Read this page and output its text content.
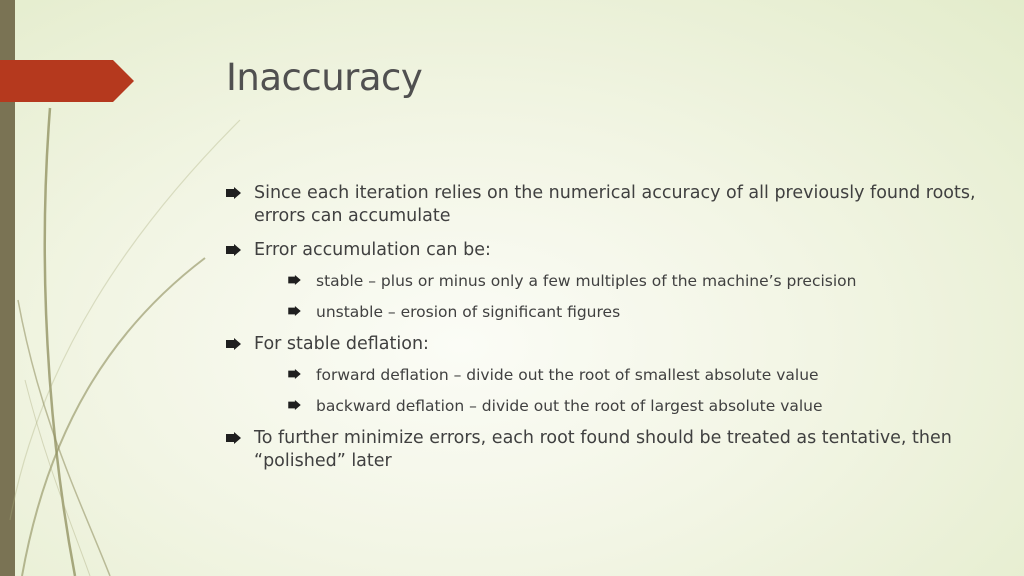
Inaccuracy
Since each iteration relies on the numerical accuracy of all previously found roots, errors can accumulate
Error accumulation can be:
stable – plus or minus only a few multiples of the machine’s precision
unstable – erosion of significant figures
For stable deflation:
forward deflation – divide out the root of smallest absolute value
backward deflation – divide out the root of largest absolute value
To further minimize errors, each root found should be treated as tentative, then “polished” later
